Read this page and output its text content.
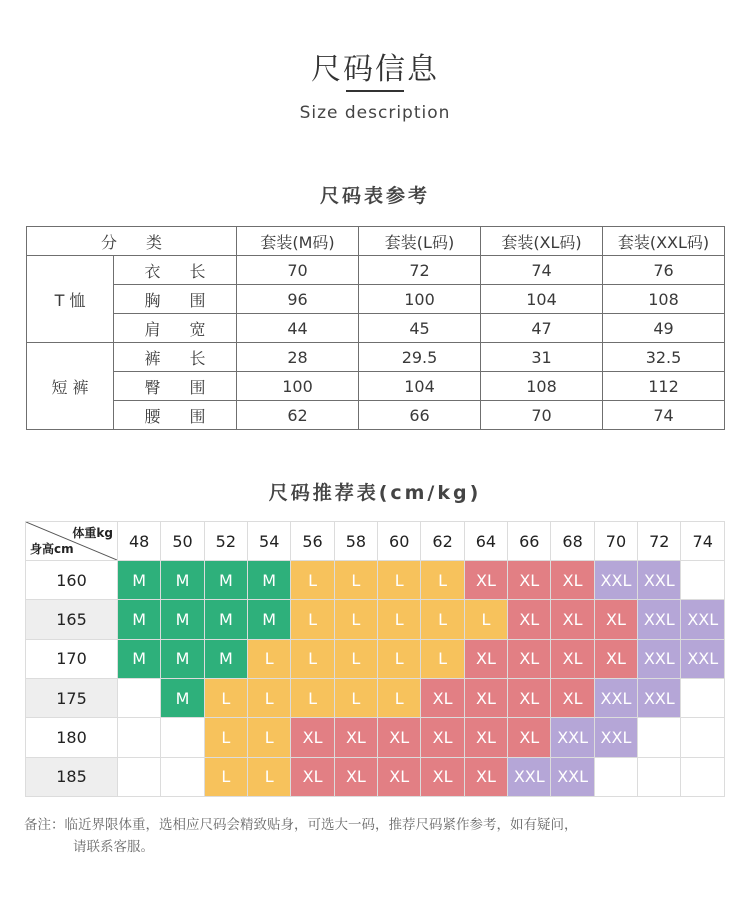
尺码信息
Size description
尺码表参考
分 类		套装(M码)	套装(L码)	套装(XL码)	套装(XXL码)
T 恤	衣 长	70	72	74	76
	胸 围	96	100	104	108
	肩 宽	44	45	47	49
短 裤	裤 长	28	29.5	31	32.5
	臀 围	100	104	108	112
	腰 围	62	66	70	74
尺码推荐表(cm/kg)
体重kg
身高cm	48	50	52	54	56	58	60	62	64	66	68	70	72	74
160	M	M	M	M	L	L	L	L	XL	XL	XL	XXL	XXL	
165	M	M	M	M	L	L	L	L	L	XL	XL	XL	XXL	XXL
170	M	M	M	L	L	L	L	L	XL	XL	XL	XL	XXL	XXL
175		M	L	L	L	L	L	XL	XL	XL	XL	XXL	XXL	
180			L	L	XL	XL	XL	XL	XL	XL	XXL	XXL		
185			L	L	XL	XL	XL	XL	XL	XXL	XXL			
备注：临近界限体重，选相应尺码会精致贴身，可选大一码，推荐尺码紧作参考，如有疑问，
请联系客服。
